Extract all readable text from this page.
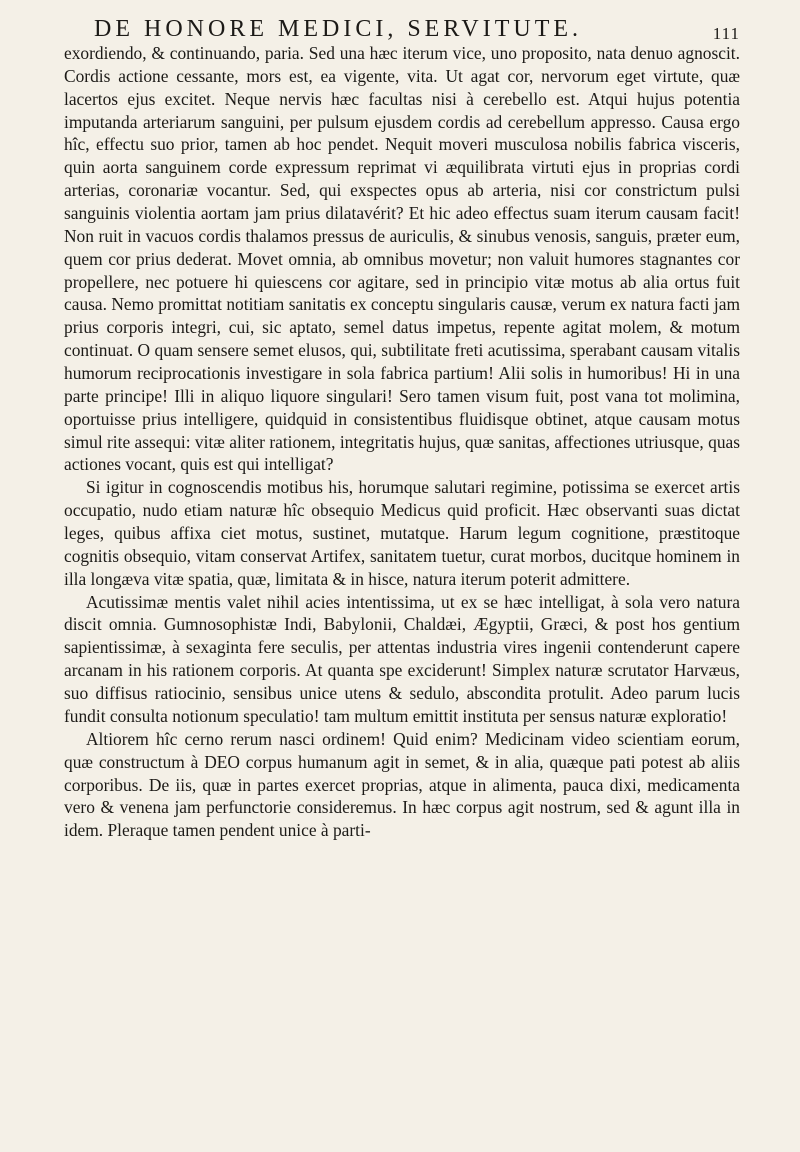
DE HONORE MEDICI, SERVITUTE.	111

exordiendo, & continuando, paria. Sed una hæc iterum vice, uno proposito, nata denuo agnoscit. Cordis actione cessante, mors est, ea vigente, vita. Ut agat cor, nervorum eget virtute, quæ lacertos ejus excitet. Neque nervis hæc facultas nisi à cerebello est. Atqui hujus potentia imputanda arteriarum sanguini, per pulsum ejusdem cordis ad cerebellum appresso. Causa ergo hîc, effectu suo prior, tamen ab hoc pendet. Nequit moveri musculosa nobilis fabrica visceris, quin aorta sanguinem corde expressum reprimat vi æquilibrata virtuti ejus in proprias cordi arterias, coronariæ vocantur. Sed, qui exspectes opus ab arteria, nisi cor constrictum pulsi sanguinis violentia aortam jam prius dilatavérit? Et hic adeo effectus suam iterum causam facit! Non ruit in vacuos cordis thalamos pressus de auriculis, & sinubus venosis, sanguis, præter eum, quem cor prius dederat. Movet omnia, ab omnibus movetur; non valuit humores stagnantes cor propellere, nec potuere hi quiescens cor agitare, sed in principio vitæ motus ab alia ortus fuit causa. Nemo promittat notitiam sanitatis ex conceptu singularis causæ, verum ex natura facti jam prius corporis integri, cui, sic aptato, semel datus impetus, repente agitat molem, & motum continuat. O quam sensere semet elusos, qui, subtilitate freti acutissima, sperabant causam vitalis humorum reciprocationis investigare in sola fabrica partium! Alii solis in humoribus! Hi in una parte principe! Illi in aliquo liquore singulari! Sero tamen visum fuit, post vana tot molimina, oportuisse prius intelligere, quidquid in consistentibus fluidisque obtinet, atque causam motus simul rite assequi: vitæ aliter rationem, integritatis hujus, quæ sanitas, affectiones utriusque, quas actiones vocant, quis est qui intelligat?

Si igitur in cognoscendis motibus his, horumque salutari regimine, potissima se exercet artis occupatio, nudo etiam naturæ hîc obsequio Medicus quid proficit. Hæc observanti suas dictat leges, quibus affixa ciet motus, sustinet, mutatque. Harum legum cognitione, præstitoque cognitis obsequio, vitam conservat Artifex, sanitatem tuetur, curat morbos, ducitque hominem in illa longæva vitæ spatia, quæ, limitata & in hisce, natura iterum poterit admittere.

Acutissimæ mentis valet nihil acies intentissima, ut ex se hæc intelligat, à sola vero natura discit omnia. Gumnosophistæ Indi, Babylonii, Chaldæi, Ægyptii, Græci, & post hos gentium sapientissimæ, à sexaginta fere seculis, per attentas industria vires ingenii contenderunt capere arcanam in his rationem corporis. At quanta spe exciderunt! Simplex naturæ scrutator Harvæus, suo diffisus ratiocinio, sensibus unice utens & sedulo, abscondita protulit. Adeo parum lucis fundit consulta notionum speculatio! tam multum emittit instituta per sensus naturæ exploratio!

Altiorem hîc cerno rerum nasci ordinem! Quid enim? Medicinam video scientiam eorum, quæ constructum à DEO corpus humanum agit in semet, & in alia, quæque pati potest ab aliis corporibus. De iis, quæ in partes exercet proprias, atque in alimenta, pauca dixi, medicamenta vero & venena jam perfunctorie consideremus. In hæc corpus agit nostrum, sed & agunt illa in idem. Pleraque tamen pendent unice à parti-
